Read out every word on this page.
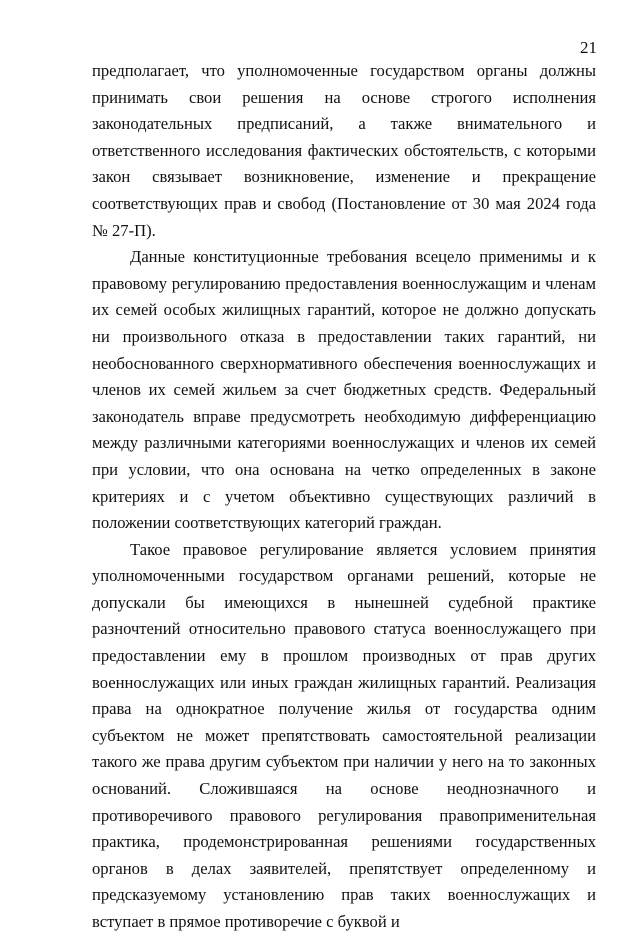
21

предполагает, что уполномоченные государством органы должны принимать свои решения на основе строгого исполнения законодательных предписаний, а также внимательного и ответственного исследования фактических обстоятельств, с которыми закон связывает возникновение, изменение и прекращение соответствующих прав и свобод (Постановление от 30 мая 2024 года № 27-П).

Данные конституционные требования всецело применимы и к правовому регулированию предоставления военнослужащим и членам их семей особых жилищных гарантий, которое не должно допускать ни произвольного отказа в предоставлении таких гарантий, ни необоснованного сверхнормативного обеспечения военнослужащих и членов их семей жильем за счет бюджетных средств. Федеральный законодатель вправе предусмотреть необходимую дифференциацию между различными категориями военнослужащих и членов их семей при условии, что она основана на четко определенных в законе критериях и с учетом объективно существующих различий в положении соответствующих категорий граждан.

Такое правовое регулирование является условием принятия уполномоченными государством органами решений, которые не допускали бы имеющихся в нынешней судебной практике разночтений относительно правового статуса военнослужащего при предоставлении ему в прошлом производных от прав других военнослужащих или иных граждан жилищных гарантий. Реализация права на однократное получение жилья от государства одним субъектом не может препятствовать самостоятельной реализации такого же права другим субъектом при наличии у него на то законных оснований. Сложившаяся на основе неоднозначного и противоречивого правового регулирования правоприменительная практика, продемонстрированная решениями государственных органов в делах заявителей, препятствует определенному и предсказуемому установлению прав таких военнослужащих и вступает в прямое противоречие с буквой и
